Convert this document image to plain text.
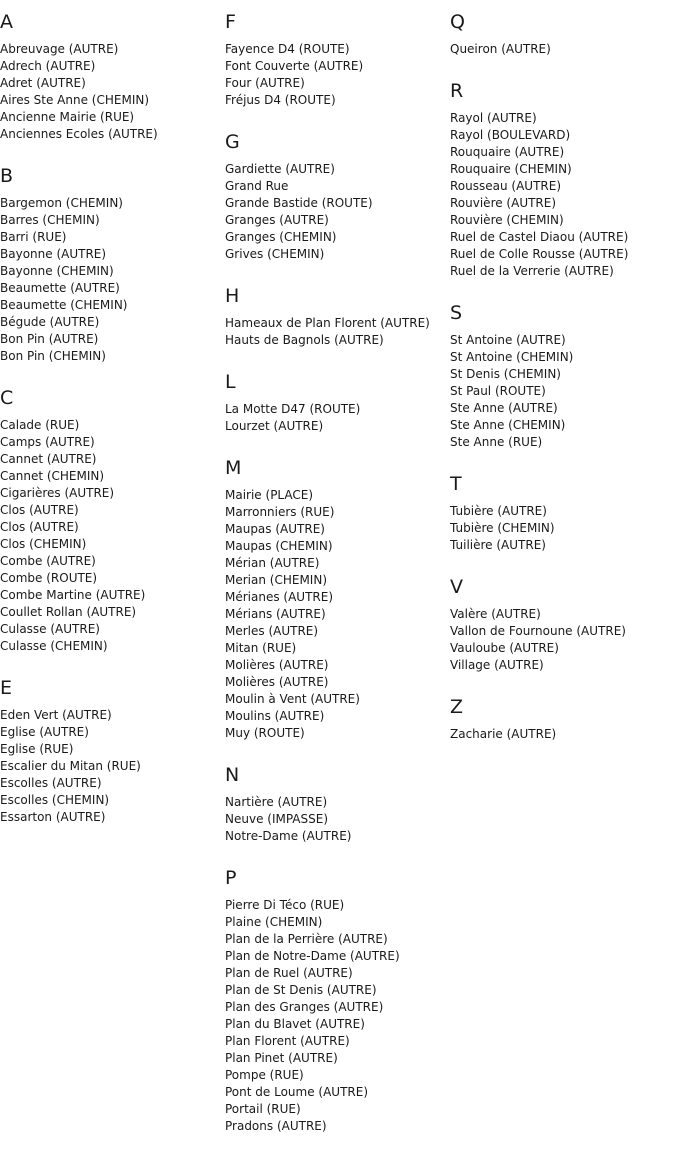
A
Abreuvage (AUTRE)
Adrech (AUTRE)
Adret (AUTRE)
Aires Ste Anne (CHEMIN)
Ancienne Mairie (RUE)
Anciennes Ecoles (AUTRE)
B
Bargemon (CHEMIN)
Barres (CHEMIN)
Barri (RUE)
Bayonne (AUTRE)
Bayonne (CHEMIN)
Beaumette (AUTRE)
Beaumette (CHEMIN)
Bégude (AUTRE)
Bon Pin (AUTRE)
Bon Pin (CHEMIN)
C
Calade (RUE)
Camps (AUTRE)
Cannet (AUTRE)
Cannet (CHEMIN)
Cigarières (AUTRE)
Clos (AUTRE)
Clos (AUTRE)
Clos (CHEMIN)
Combe (AUTRE)
Combe (ROUTE)
Combe Martine (AUTRE)
Coullet Rollan (AUTRE)
Culasse (AUTRE)
Culasse (CHEMIN)
E
Eden Vert (AUTRE)
Eglise (AUTRE)
Eglise (RUE)
Escalier du Mitan (RUE)
Escolles (AUTRE)
Escolles (CHEMIN)
Essarton (AUTRE)
F
Fayence D4 (ROUTE)
Font Couverte (AUTRE)
Four (AUTRE)
Fréjus D4 (ROUTE)
G
Gardiette (AUTRE)
Grand Rue
Grande Bastide (ROUTE)
Granges (AUTRE)
Granges (CHEMIN)
Grives (CHEMIN)
H
Hameaux de Plan Florent (AUTRE)
Hauts de Bagnols (AUTRE)
L
La Motte D47 (ROUTE)
Lourzet (AUTRE)
M
Mairie (PLACE)
Marronniers (RUE)
Maupas (AUTRE)
Maupas (CHEMIN)
Mérian (AUTRE)
Merian (CHEMIN)
Mérianes (AUTRE)
Mérians (AUTRE)
Merles (AUTRE)
Mitan (RUE)
Molières (AUTRE)
Molières (AUTRE)
Moulin à Vent (AUTRE)
Moulins (AUTRE)
Muy (ROUTE)
N
Nartière (AUTRE)
Neuve (IMPASSE)
Notre-Dame (AUTRE)
P
Pierre Di Téco (RUE)
Plaine (CHEMIN)
Plan de la Perrière (AUTRE)
Plan de Notre-Dame (AUTRE)
Plan de Ruel (AUTRE)
Plan de St Denis (AUTRE)
Plan des Granges (AUTRE)
Plan du Blavet (AUTRE)
Plan Florent (AUTRE)
Plan Pinet (AUTRE)
Pompe (RUE)
Pont de Loume (AUTRE)
Portail (RUE)
Pradons (AUTRE)
Q
Queiron (AUTRE)
R
Rayol (AUTRE)
Rayol (BOULEVARD)
Rouquaire (AUTRE)
Rouquaire (CHEMIN)
Rousseau (AUTRE)
Rouvière (AUTRE)
Rouvière (CHEMIN)
Ruel de Castel Diaou (AUTRE)
Ruel de Colle Rousse (AUTRE)
Ruel de la Verrerie (AUTRE)
S
St Antoine (AUTRE)
St Antoine (CHEMIN)
St Denis (CHEMIN)
St Paul (ROUTE)
Ste Anne (AUTRE)
Ste Anne (CHEMIN)
Ste Anne (RUE)
T
Tubière (AUTRE)
Tubière (CHEMIN)
Tuilière (AUTRE)
V
Valère (AUTRE)
Vallon de Fournoune (AUTRE)
Vauloube (AUTRE)
Village (AUTRE)
Z
Zacharie (AUTRE)
